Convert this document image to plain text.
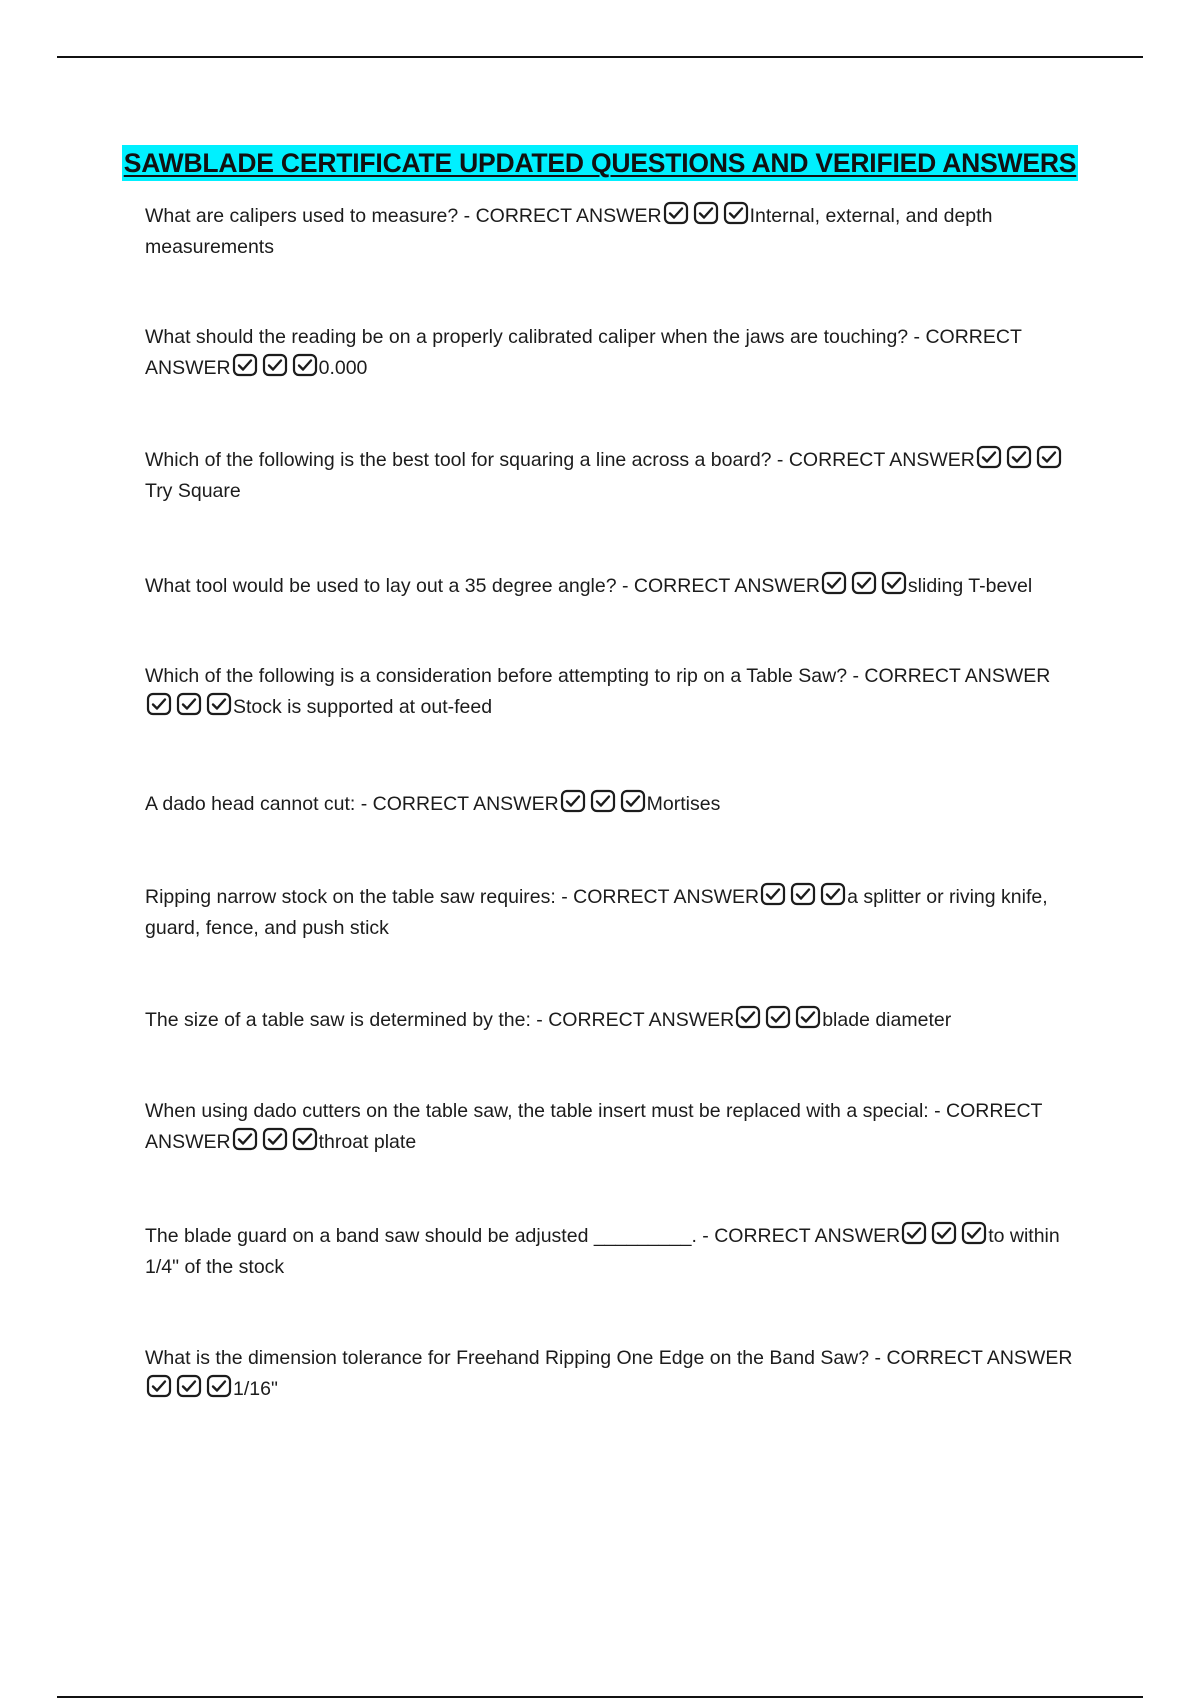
SAWBLADE CERTIFICATE UPDATED QUESTIONS AND VERIFIED ANSWERS
What are calipers used to measure? - CORRECT ANSWER	Internal, external, and depth measurements
What should the reading be on a properly calibrated caliper when the jaws are touching? - CORRECT ANSWER	0.000
Which of the following is the best tool for squaring a line across a board? - CORRECT ANSWER
Try Square
What tool would be used to lay out a 35 degree angle? - CORRECT ANSWER	sliding T-bevel
Which of the following is a consideration before attempting to rip on a Table Saw? - CORRECT ANSWER
Stock is supported at out-feed
A dado head cannot cut: - CORRECT ANSWER	Mortises
Ripping narrow stock on the table saw requires: - CORRECT ANSWER	a splitter or riving knife, guard, fence, and push stick
The size of a table saw is determined by the: - CORRECT ANSWER	blade diameter
When using dado cutters on the table saw, the table insert must be replaced with a special: - CORRECT ANSWER	throat plate
The blade guard on a band saw should be adjusted _________. - CORRECT ANSWER	to within 1/4" of the stock
What is the dimension tolerance for Freehand Ripping One Edge on the Band Saw? - CORRECT ANSWER
1/16"
